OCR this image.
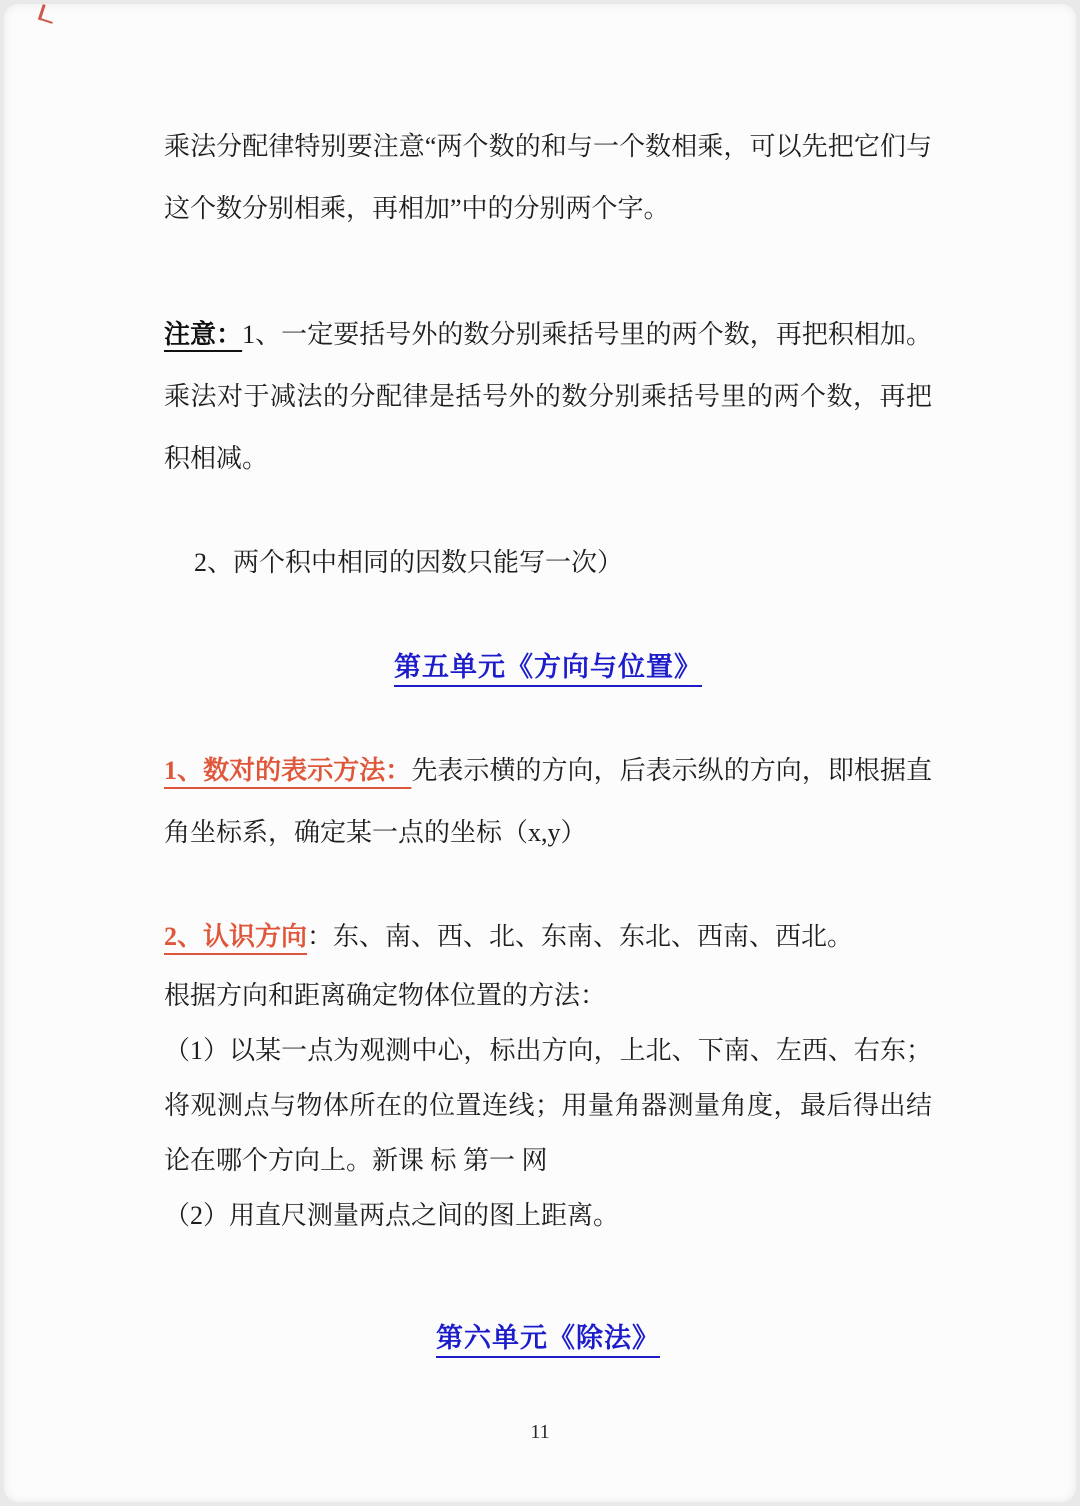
乘法分配律特别要注意“两个数的和与一个数相乘，可以先把它们与这个数分别相乘，再相加”中的分别两个字。

注意：1、一定要括号外的数分别乘括号里的两个数，再把积相加。乘法对于减法的分配律是括号外的数分别乘括号里的两个数，再把积相减。

2、两个积中相同的因数只能写一次）

第五单元《方向与位置》

1、数对的表示方法：先表示横的方向，后表示纵的方向，即根据直角坐标系，确定某一点的坐标（x,y）

2、认识方向：东、南、西、北、东南、东北、西南、西北。

根据方向和距离确定物体位置的方法：

（1）以某一点为观测中心，标出方向，上北、下南、左西、右东；将观测点与物体所在的位置连线；用量角器测量角度，最后得出结论在哪个方向上。新课 标 第一 网

（2）用直尺测量两点之间的图上距离。

第六单元《除法》

11
